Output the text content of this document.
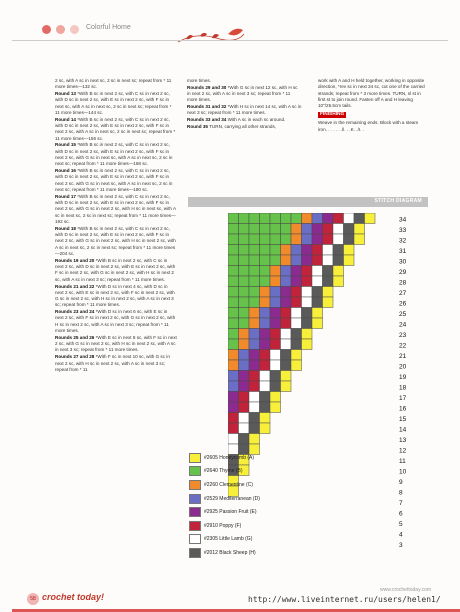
Colorful Home

2 sc, with A sc in next sc, 2 sc in next sc; repeat from * 11 more times—132 sc.

Round 13 *With B sc in next 2 sc, with C sc in next 2 sc, with D sc in next 2 sc, with E sc in next 2 sc, with F sc in next sc, with A sc in next sc, 2 sc in next sc; repeat from * 11 more times—144 sc.

Round 14 *With B sc in next 2 sc, with C sc in next 2 sc, with D sc in next 2 sc, with E sc in next 2 sc, with F sc in next 2 sc, with A sc in next sc, 2 sc in next sc; repeat from * 11 more times—156 sc.

Round 15 *With B sc in next 2 sc, with C sc in next 2 sc, with D sc in next 2 sc, with E sc in next 2 sc, with F sc in next 2 sc, with G sc in next sc, with A sc in next sc, 2 sc in next sc; repeat from * 11 more times—168 sc.

Round 16 *With B sc in next 2 sc, with C sc in next 2 sc, with D sc in next 2 sc, with E sc in next 2 sc, with F sc in next 2 sc, with G sc in next sc, with A sc in next sc, 2 sc in next sc; repeat from * 11 more times—180 sc.

Round 17 *With B sc in next 2 sc, with C sc in next 2 sc, with D sc in next 2 sc, with E sc in next 2 sc, with F sc in next 2 sc, with G sc in next 2 sc, with H sc in next sc, with A sc in next sc, 2 sc in next sc; repeat from * 11 more times—192 sc.

Round 18 *With B sc in next 2 sc, with C sc in next 2 sc, with D sc in next 2 sc, with E sc in next 2 sc, with F sc in next 2 sc, with G sc in next 2 sc, with H sc in next 2 sc, with A sc in next sc, 2 sc in next sc; repeat from * 11 more times—204 sc.

Rounds 19 and 20 *With B sc in next 2 sc, with C sc in next 2 sc, with D sc in next 2 sc, with E sc in next 2 sc, with F sc in next 2 sc, with G sc in next 2 sc, with H sc in next 2 sc, with A sc in next 3 sc; repeat from * 11 more times.

Rounds 21 and 22 *With D sc in next 4 sc, with D sc in next 2 sc, with E sc in next 2 sc, with F sc in next 2 sc, with G sc in next 2 sc, with H sc in next 2 sc, with A sc in next 3 sc; repeat from * 11 more times.

Rounds 23 and 24 *With D sc in next 6 sc, with E sc in next 2 sc, with F sc in next 2 sc, with G sc in next 2 sc, with H sc in next 2 sc, with A sc in next 3 sc; repeat from * 11 more times.

Rounds 25 and 26 *With E sc in next 8 sc, with F sc in next 2 sc, with G sc in next 2 sc, with H sc in next 2 sc, with A sc in next 3 sc; repeat from * 11 more times.

Rounds 27 and 28 *With F sc in next 10 sc, with G sc in next 2 sc, with H sc in next 2 sc, with A sc in next 3 sc; repeat from * 11

more times.

Rounds 29 and 30 *With G sc in next 12 sc, with H sc in next 2 sc, with A sc in next 3 sc; repeat from * 11 more times.

Rounds 31 and 32 *With H sc in next 14 sc, with A sc in next 3 sc; repeat from * 11 more times.

Rounds 33 and 34 With A sc in each sc around.

Round 35 TURN, carrying all other strands,

work with A and H held together, working in opposite direction, *rev sc in next 34 sc, cut one of the carried strands; repeat from * 3 more times. TURN, sl st in first st to join round. Fasten off A and H leaving 10"/25.5cm tails.

FINISHING

Weave in the remaining ends. Block with a steam iron. . . . . . .ll. . .K. ./I. .

STITCH DIAGRAM
34
33
32
31
30
29
28
27
26
25
24
23
22
21
20
19
18
17
16
15
14
13
12
11
10
9
8
7
6
5
4
3
#2605 Honeycomb (A)
#2640 Thyme (B)
#2260 Clementine (C)
#2529 Mediterranean (D)
#2925 Passion Fruit (E)
#2910 Poppy (F)
#2305 Little Lamb (G)
#2012 Black Sheep (H)
58 crochet today!
www.crochettoday.com
http://www.liveinternet.ru/users/helen1/
